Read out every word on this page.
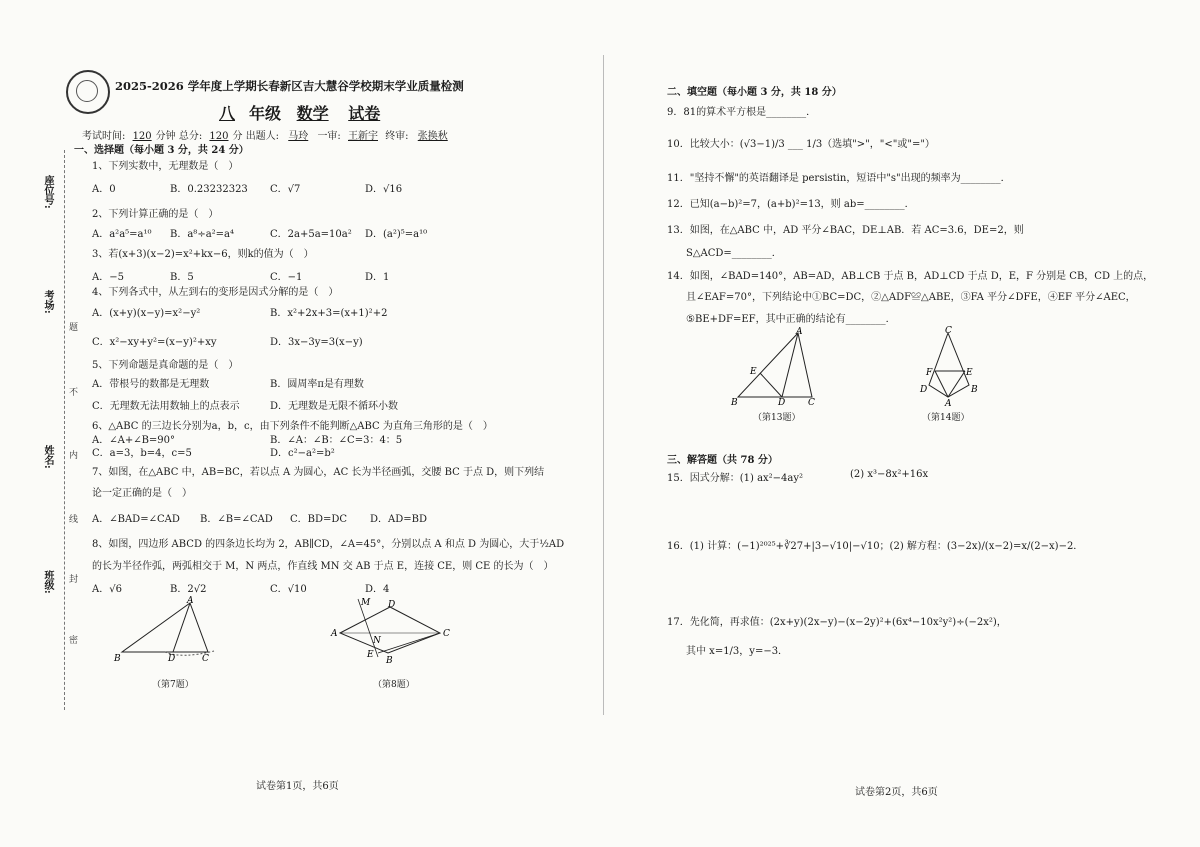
座位号:
考场:
姓名:
班级:
题
不
内
线
封
密
2025-2026 学年度上学期长春新区吉大慧谷学校期末学业质量检测
八 年级 数学 试卷
考试时间: 120 分钟 总分: 120 分 出题人: 马玲 一审: 王新宇 终审: 张换秋
一、选择题（每小题 3 分，共 24 分）
1、下列实数中，无理数是（　）
A．0	B．0.23232323 C．√7	D．√16
2、下列计算正确的是（　）
A．a²a⁵=a¹⁰ B．a⁸÷a²=a⁴	C．2a+5a=10a² D．(a²)⁵=a¹⁰
3、若(x+3)(x−2)=x²+kx−6，则k的值为（　）
A．−5	B．5	C．−1	D．1
4、下列各式中，从左到右的变形是因式分解的是（　）
A．(x+y)(x−y)=x²−y²	B．x²+2x+3=(x+1)²+2
C．x²−xy+y²=(x−y)²+xy	D．3x−3y=3(x−y)
5、下列命题是真命题的是（　）
A．带根号的数都是无理数	B．圆周率π是有理数
C．无理数无法用数轴上的点表示	D．无理数是无限不循环小数
6、△ABC 的三边长分别为a，b，c，由下列条件不能判断△ABC 为直角三角形的是（　）
A．∠A+∠B=90°	B．∠A：∠B：∠C=3：4：5
C．a=3，b=4，c=5	D．c²−a²=b²
7、如图，在△ABC 中，AB=BC，若以点 A 为圆心，AC 长为半径画弧，交腰 BC 于点 D，则下列结
论一定正确的是（　）
A．∠BAD=∠CAD B．∠B=∠CAD C．BD=DC D．AD=BD
8、如图，四边形 ABCD 的四条边长均为 2，AB∥CD，∠A=45°，分别以点 A 和点 D 为圆心，大于½AD
的长为半径作弧，两弧相交于 M，N 两点，作直线 MN 交 AB 于点 E，连接 CE，则 CE 的长为（　）
A．√6	B．2√2	C．√10	D．4
A
B	D	C
（第7题）
A
M D
C
N
E
B
（第8题）
试卷第1页，共6页
二、填空题（每小题 3 分，共 18 分）
9．81的算术平方根是________．
10．比较大小：(√3−1)/3 ___ 1/3（选填">"，"<"或"="）
11．"坚持不懈"的英语翻译是 persistin，短语中"s"出现的频率为________．
12．已知(a−b)²=7，(a+b)²=13，则 ab=________．
13．如图，在△ABC 中，AD 平分∠BAC，DE⊥AB．若 AC=3.6，DE=2，则
S△ACD=________．
14．如图，∠BAD=140°，AB=AD，AB⊥CB 于点 B，AD⊥CD 于点 D，E，F 分别是 CB，CD 上的点，
且∠EAF=70°，下列结论中①BC=DC，②△ADF≌△ABE，③FA 平分∠DFE，④EF 平分∠AEC，
⑤BE+DF=EF，其中正确的结论有________．
A
E
B	D	C
（第13题）
C
F	E
D	B
A
（第14题）
三、解答题（共 78 分）
15．因式分解：(1) ax²−4ay²	(2) x³−8x²+16x
16．(1) 计算：(−1)²⁰²⁵+∛27+|3−√10|−√10；(2) 解方程：(3−2x)/(x−2)=x/(2−x)−2．
17．先化简，再求值：(2x+y)(2x−y)−(x−2y)²+(6x⁴−10x²y²)÷(−2x²)，
其中 x=1/3，y=−3．
试卷第2页，共6页
